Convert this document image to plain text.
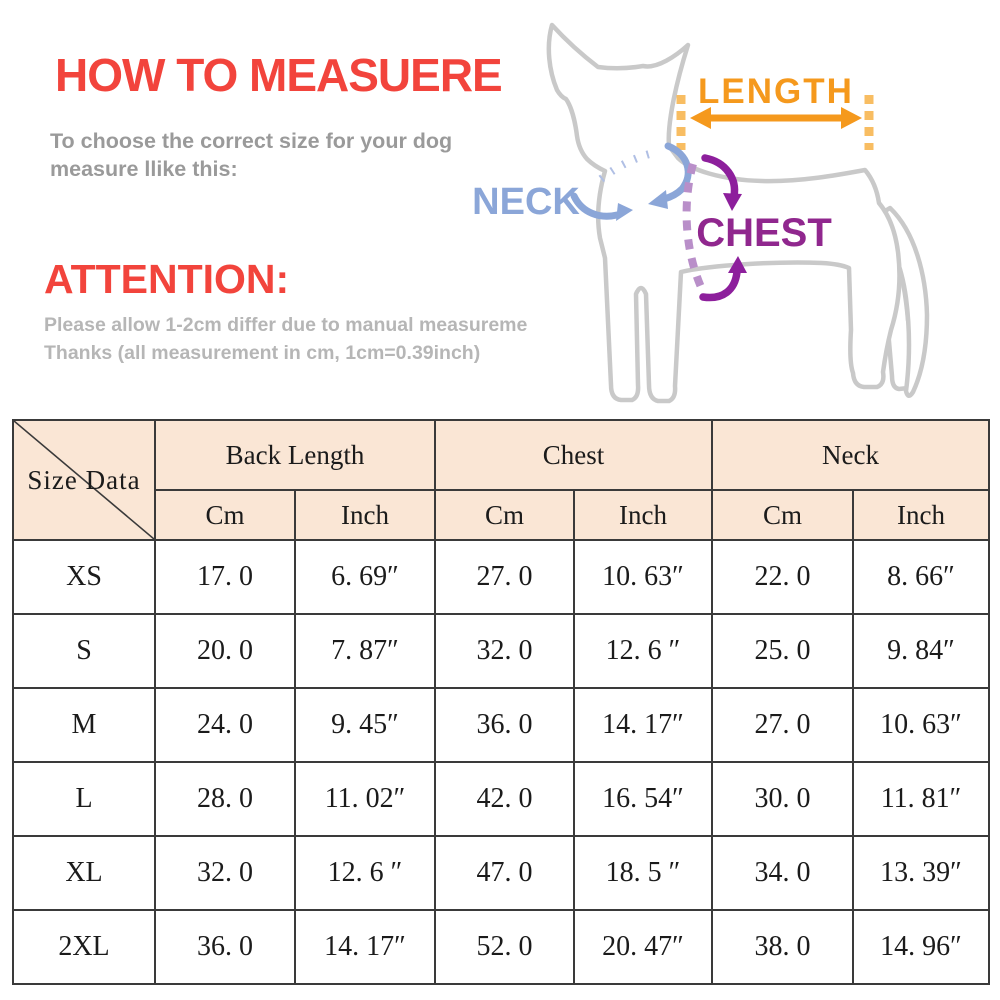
HOW TO MEASUERE
To choose the correct size for your dog
measure llike this:
ATTENTION:
Please allow 1-2cm differ due to manual measureme
Thanks (all measurement in cm, 1cm=0.39inch)
LENGTH
NECK
CHEST
Size Data	Back Length		Chest		Neck	
	Cm	Inch	Cm	Inch	Cm	Inch
XS	17. 0	6. 69″	27. 0	10. 63″	22. 0	8. 66″
S	20. 0	7. 87″	32. 0	12. 6 ″	25. 0	9. 84″
M	24. 0	9. 45″	36. 0	14. 17″	27. 0	10. 63″
L	28. 0	11. 02″	42. 0	16. 54″	30. 0	11. 81″
XL	32. 0	12. 6 ″	47. 0	18. 5 ″	34. 0	13. 39″
2XL	36. 0	14. 17″	52. 0	20. 47″	38. 0	14. 96″
